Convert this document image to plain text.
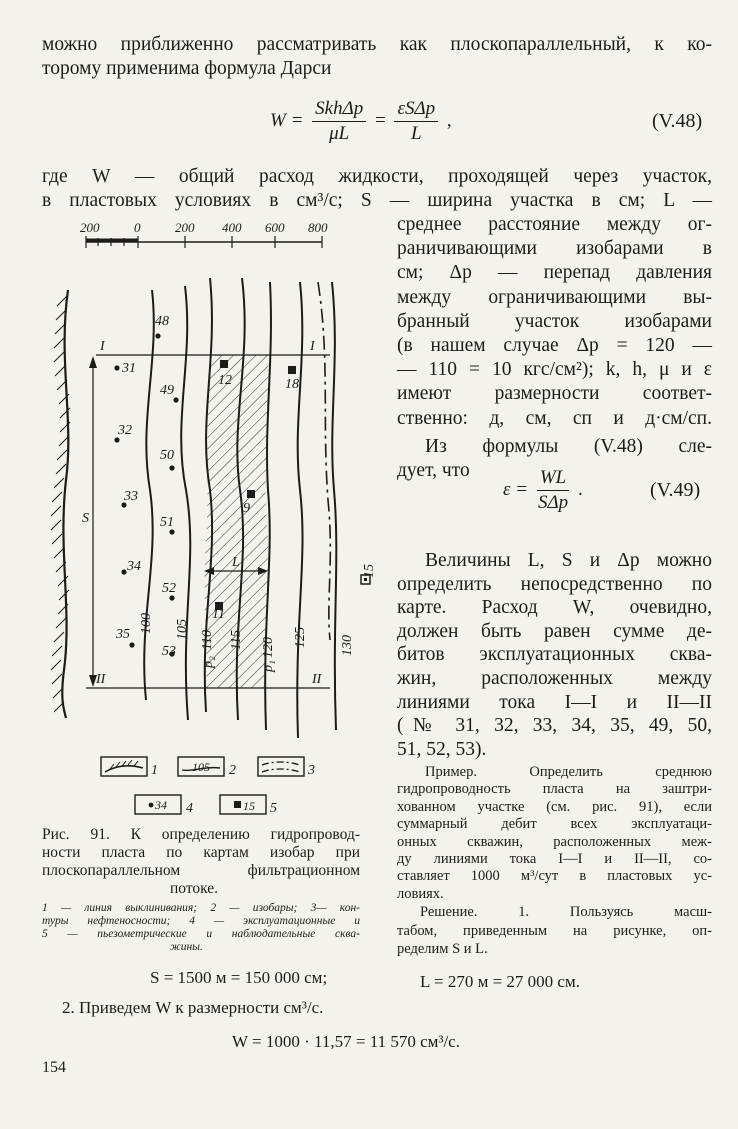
можно приближенно рассматривать как плоскопараллельный, к ко-
торому применима формула Дарси
$W = \frac{\text{SkhΔp}}{\mu L} = \frac{\text{εSΔp}}{L}$ ,	(V.48)
где W — общий расход жидкости, проходящей через участок,
в пластовых условиях в см³/с; S — ширина участка в см; L —
среднее расстояние между ог-
раничивающими изобарами в
см; Δp — перепад давления
между ограничивающими вы-
бранный участок изобарами
(в нашем случае Δp = 120 —
— 110 = 10 кгс/см²); k, h, μ и ε
имеют размерности соответ-
ственно: д, см, сп и д·см/сп.
Из формулы (V.48) сле-
дует, что
$\varepsilon = \frac{WL}{\text{SΔp}}$ .	(V.49)
Величины L, S и Δp можно
определить непосредственно по
карте. Расход W, очевидно,
должен быть равен сумме де-
битов эксплуатационных сква-
жин, расположенных между
линиями тока I—I и II—II
(№ 31, 32, 33, 34, 35, 49, 50,
51, 52, 53).
Пример. Определить среднюю
гидропроводность пласта на заштри-
хованном участке (см. рис. 91), если
суммарный дебит всех эксплуатаци-
онных скважин, расположенных меж-
ду линиями тока I—I и II—II, со-
ставляет 1000 м³/сут в пластовых ус-
ловиях.
Решение. 1. Пользуясь масш-
табом, приведенным на рисунке, оп-
ределим S и L.
200	0	200 400 600 800
31
32
33
34
35
48
49
50
51
52
53
12	18
9
11
I	I
II	II
S
L
100 105
110 115 120 125 130
p₂	p₁
15
1	2	3
4	5
105
34	15
Рис. 91. К определению гидропровод-
ности пласта по картам изобар при
плоскопараллельном фильтрационном
потоке.
1 — линия выклинивания; 2 — изобары; 3— кон-
туры нефтеносности; 4 — эксплуатационные и
5 — пьезометрические и наблюдательные сква-
жины.
S = 1500 м = 150 000 см;	L = 270 м = 27 000 см.
2. Приведем W к размерности см³/с.
W = 1000 · 11,57 = 11 570 см³/с.
154
